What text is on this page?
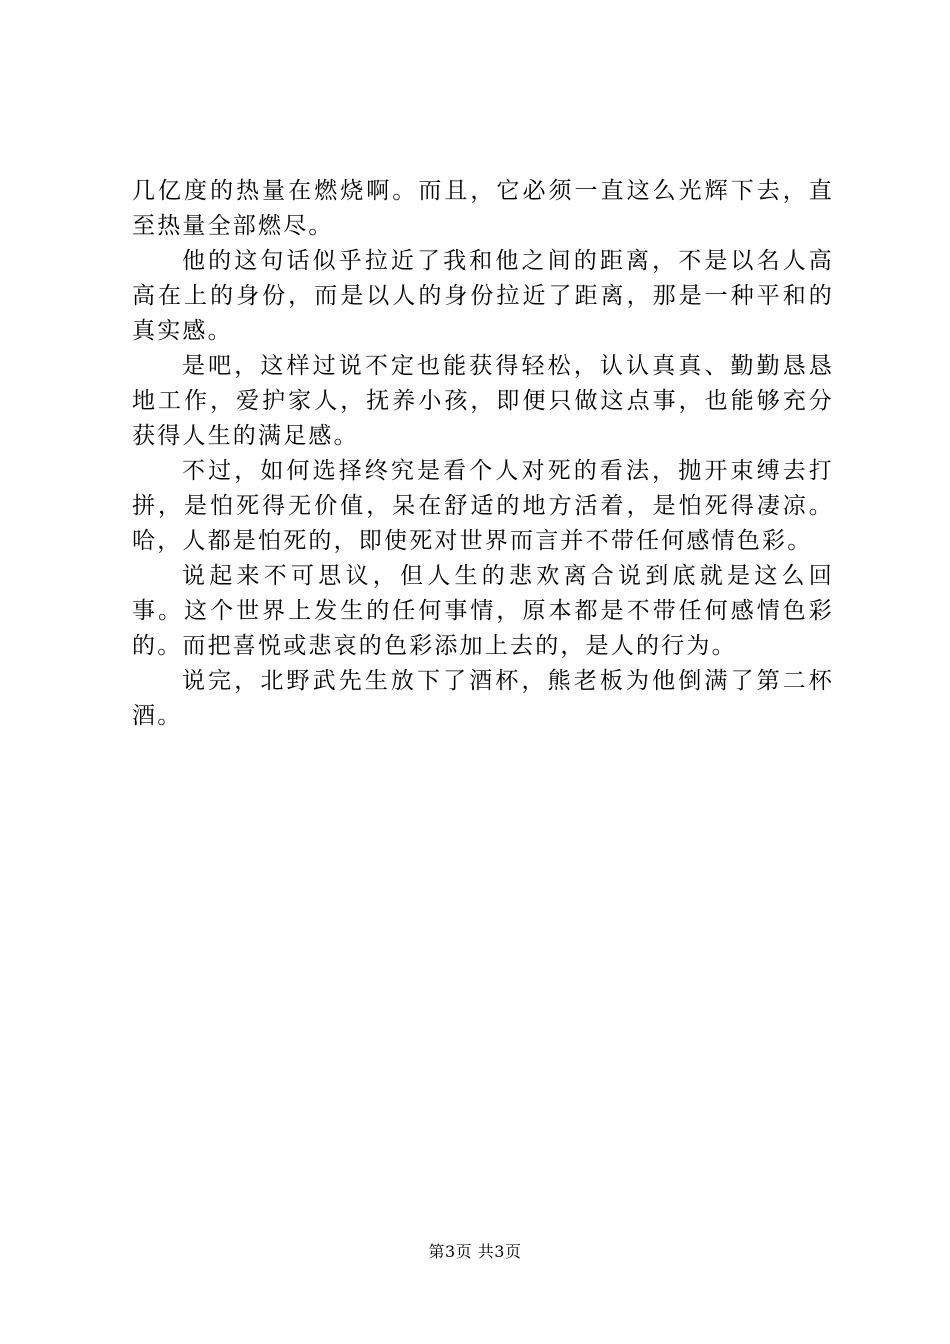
几亿度的热量在燃烧啊。而且，它必须一直这么光辉下去，直至热量全部燃尽。

他的这句话似乎拉近了我和他之间的距离，不是以名人高高在上的身份，而是以人的身份拉近了距离，那是一种平和的真实感。

是吧，这样过说不定也能获得轻松，认认真真、勤勤恳恳地工作，爱护家人，抚养小孩，即便只做这点事，也能够充分获得人生的满足感。

不过，如何选择终究是看个人对死的看法，抛开束缚去打拼，是怕死得无价值，呆在舒适的地方活着，是怕死得凄凉。哈，人都是怕死的，即使死对世界而言并不带任何感情色彩。

说起来不可思议，但人生的悲欢离合说到底就是这么回事。这个世界上发生的任何事情，原本都是不带任何感情色彩的。而把喜悦或悲哀的色彩添加上去的，是人的行为。

说完，北野武先生放下了酒杯，熊老板为他倒满了第二杯酒。

第3页 共3页
